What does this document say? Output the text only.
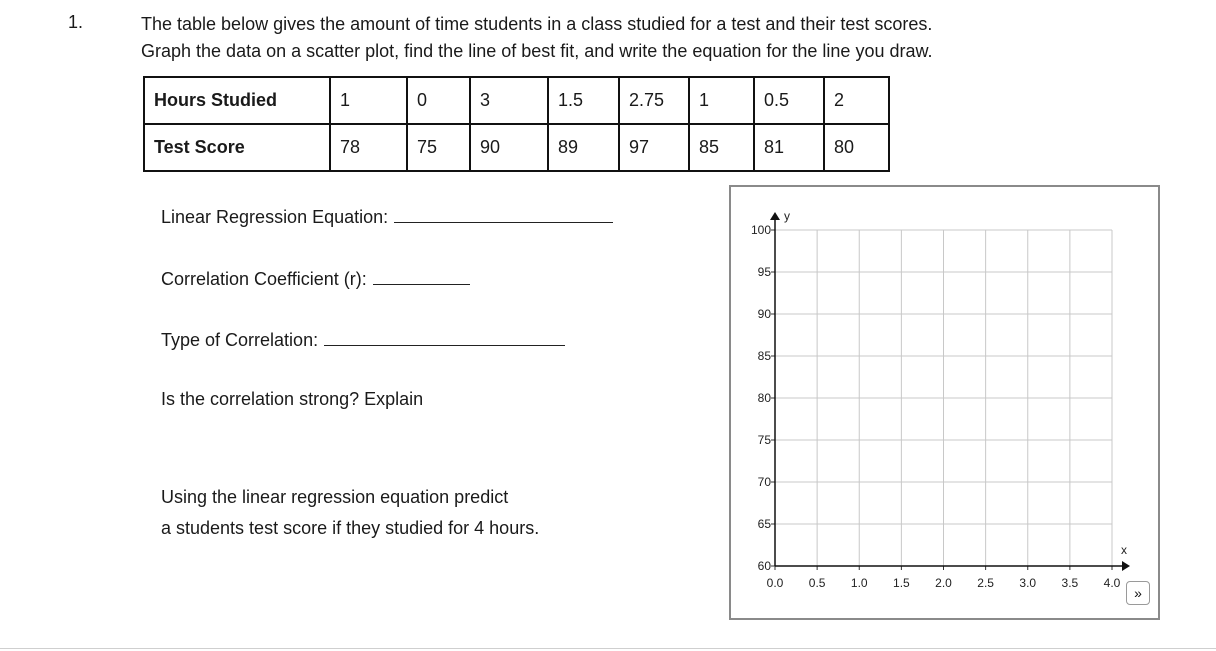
1.	The table below gives the amount of time students in a class studied for a test and their test scores.
Graph the data on a scatter plot, find the line of best fit, and write the equation for the line you draw.
Hours Studied	1	0	3	1.5	2.75	1	0.5	2
Test Score	78	75	90	89	97	85	81	80
Linear Regression Equation:
Correlation Coefficient (r):
Type of Correlation:
Is the correlation strong? Explain
Using the linear regression equation predict
a students test score if they studied for 4 hours.
0.0 0.5 1.0 1.5 2.0 2.5 3.0 3.5 4.0
60
65
70
75
80
85
90
95
100
y
x
»
